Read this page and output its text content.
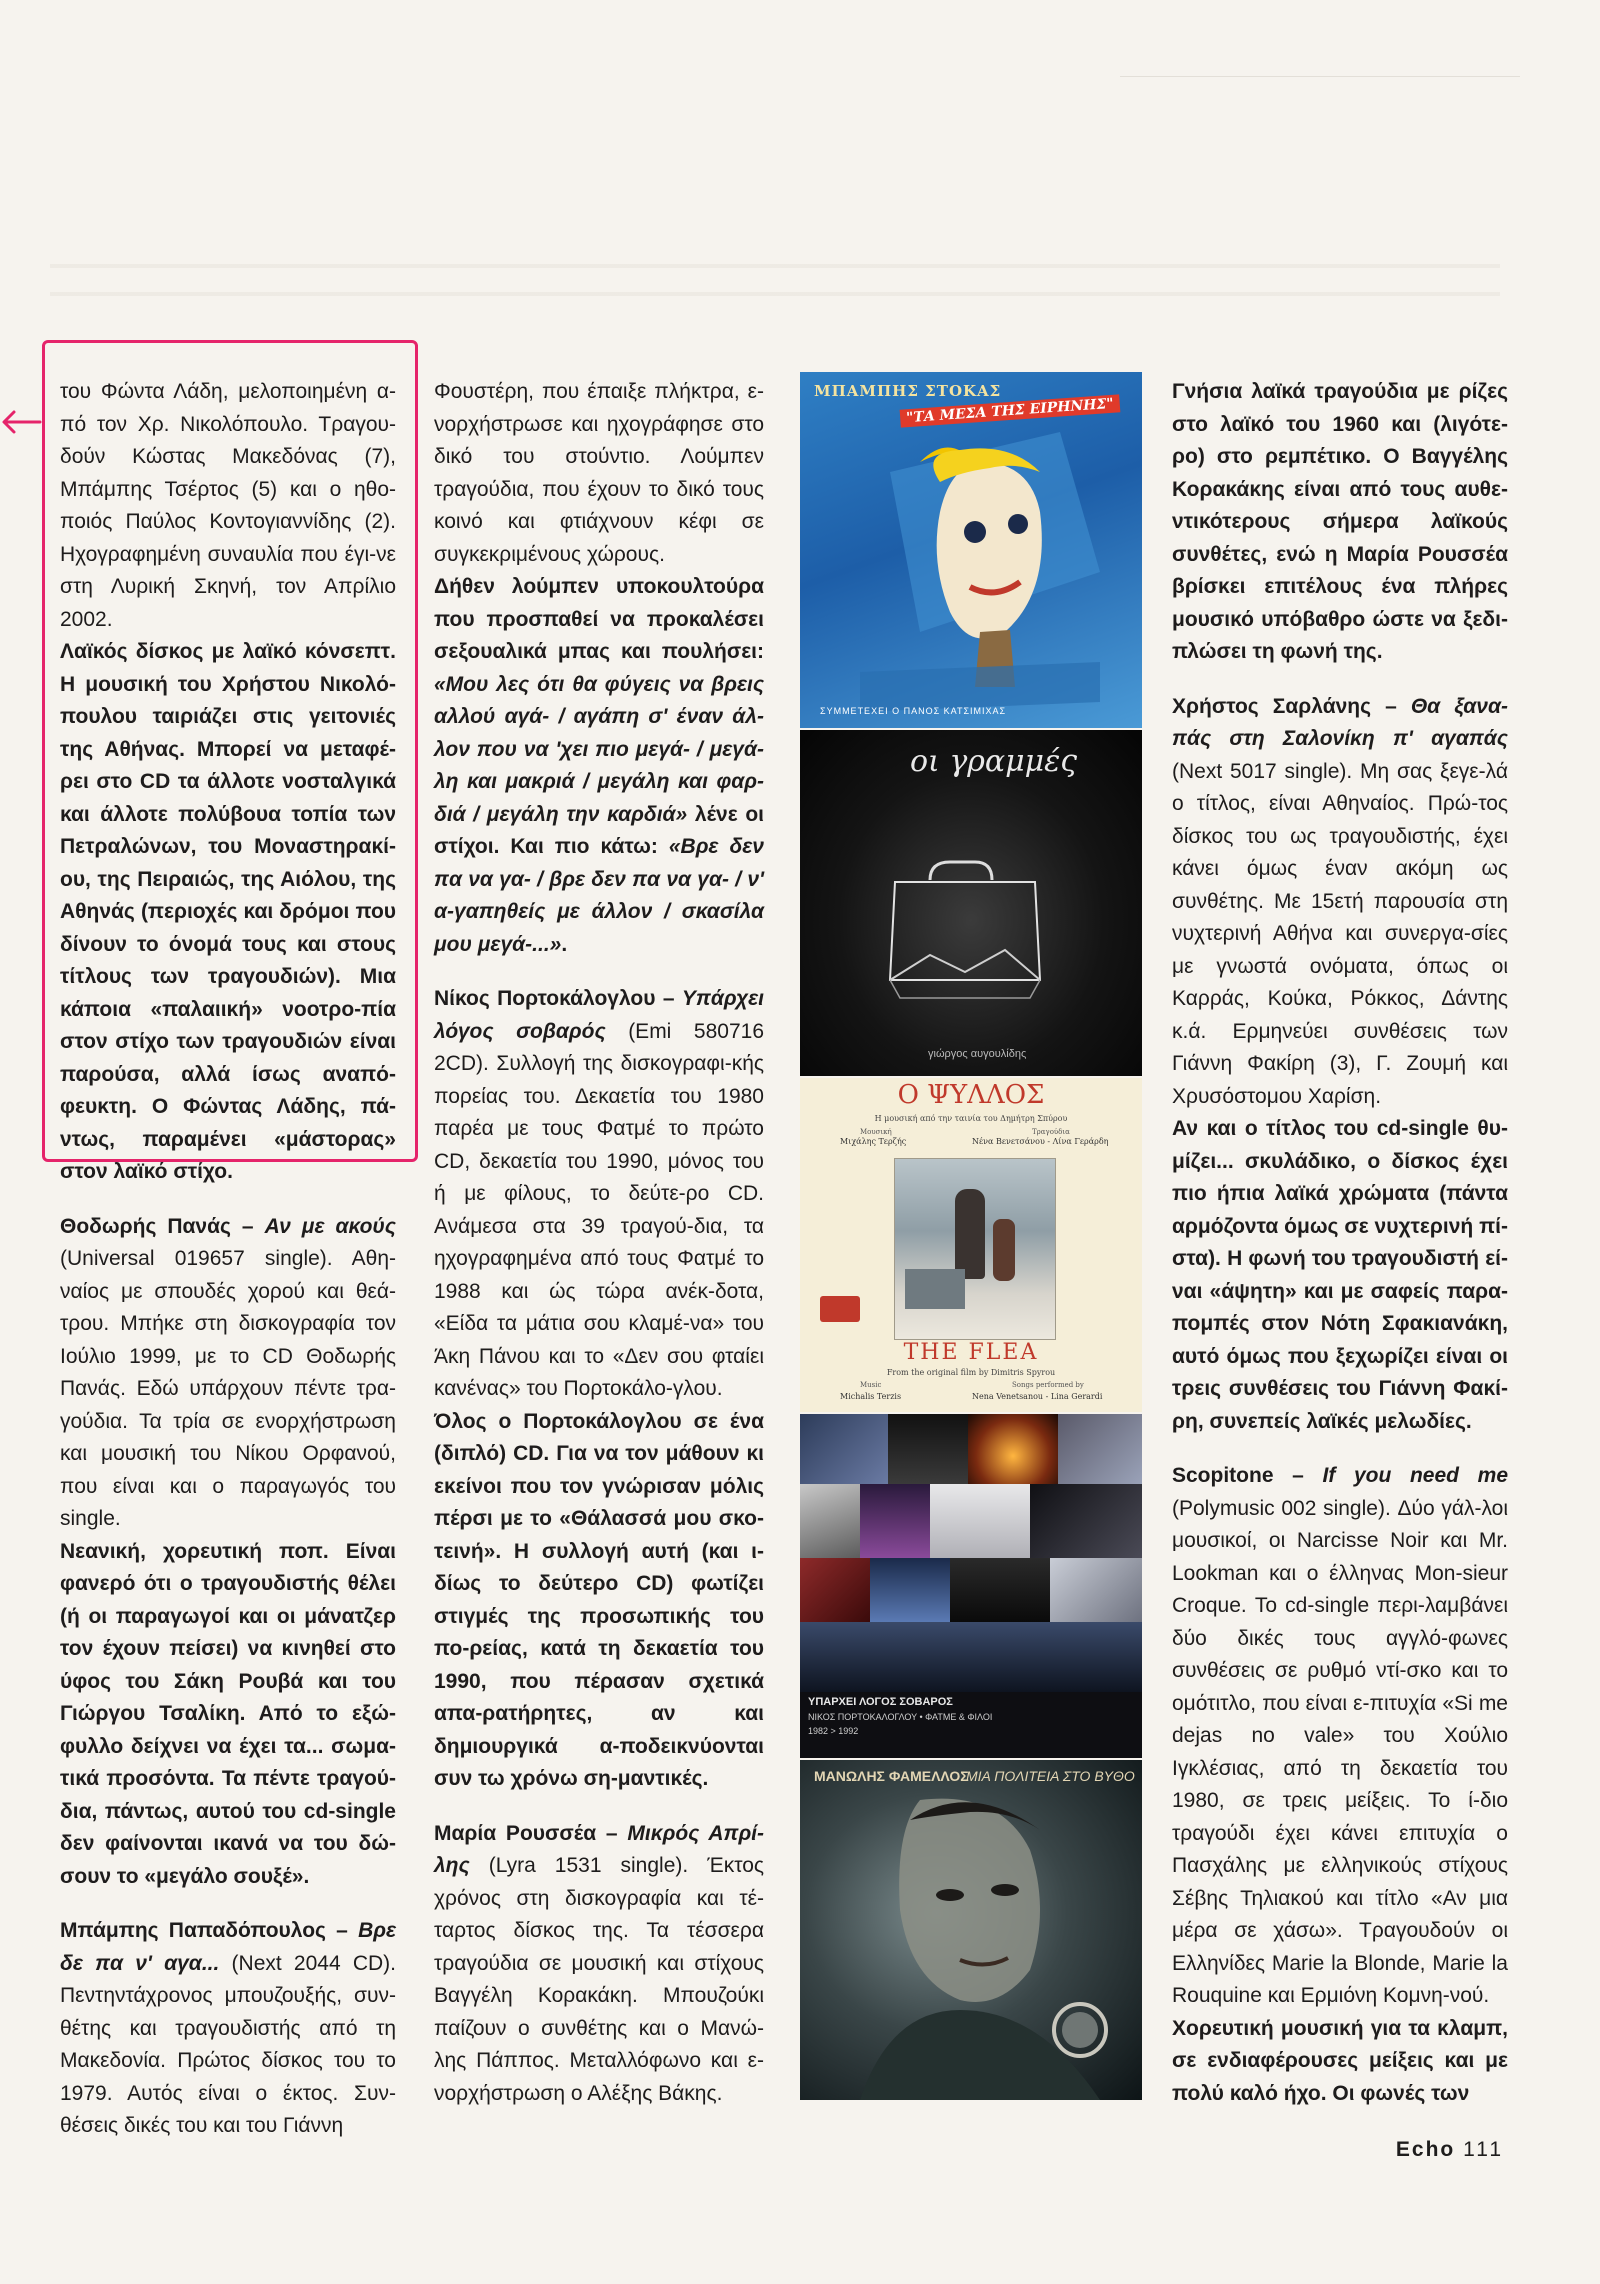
του Φώντα Λάδη, μελοποιημένη α-πό τον Χρ. Νικολόπουλο. Τραγου-δούν Κώστας Μακεδόνας (7), Μπάμπης Τσέρτος (5) και ο ηθο-ποιός Παύλος Κοντογιαννίδης (2). Ηχογραφημένη συναυλία που έγι-νε στη Λυρική Σκηνή, τον Απρίλιο 2002.

Λαϊκός δίσκος με λαϊκό κόνσεπτ. Η μουσική του Χρήστου Νικολό-πουλου ταιριάζει στις γειτονιές της Αθήνας. Μπορεί να μεταφέ-ρει στο CD τα άλλοτε νοσταλγικά και άλλοτε πολύβουα τοπία των Πετραλώνων, του Μοναστηρακί-ου, της Πειραιώς, της Αιόλου, της Αθηνάς (περιοχές και δρόμοι που δίνουν το όνομά τους και στους τίτλους των τραγουδιών). Μια κάποια «παλαιική» νοοτρο-πία στον στίχο των τραγουδιών είναι παρούσα, αλλά ίσως αναπό-φευκτη. Ο Φώντας Λάδης, πά-ντως, παραμένει «μάστορας» στον λαϊκό στίχο.

Θοδωρής Πανάς – Αν με ακούς (Universal 019657 single). Αθη-ναίος με σπουδές χορού και θεά-τρου. Μπήκε στη δισκογραφία τον Ιούλιο 1999, με το CD Θοδωρής Πανάς. Εδώ υπάρχουν πέντε τρα-γούδια. Τα τρία σε ενορχήστρωση και μουσική του Νίκου Ορφανού, που είναι και ο παραγωγός του single.

Νεανική, χορευτική ποπ. Είναι φανερό ότι ο τραγουδιστής θέλει (ή οι παραγωγοί και οι μάνατζερ τον έχουν πείσει) να κινηθεί στο ύφος του Σάκη Ρουβά και του Γιώργου Τσαλίκη. Από το εξώ-φυλλο δείχνει να έχει τα... σωμα-τικά προσόντα. Τα πέντε τραγού-δια, πάντως, αυτού του cd-single δεν φαίνονται ικανά να του δώ-σουν το «μεγάλο σουξέ».

Μπάμπης Παπαδόπουλος – Βρε δε πα ν' αγα... (Next 2044 CD). Πεντηντάχρονος μπουζουξής, συν-θέτης και τραγουδιστής από τη Μακεδονία. Πρώτος δίσκος του το 1979. Αυτός είναι ο έκτος. Συν-θέσεις δικές του και του Γιάννη

Φουστέρη, που έπαιξε πλήκτρα, ε-νορχήστρωσε και ηχογράφησε στο δικό του στούντιο. Λούμπεν τραγούδια, που έχουν το δικό τους κοινό και φτιάχνουν κέφι σε συγκεκριμένους χώρους.

Δήθεν λούμπεν υποκουλτούρα που προσπαθεί να προκαλέσει σεξουαλικά μπας και πουλήσει: «Μου λες ότι θα φύγεις να βρεις αλλού αγά- / αγάπη σ' έναν άλ-λον που να 'χει πιο μεγά- / μεγά-λη και μακριά / μεγάλη και φαρ-διά / μεγάλη την καρδιά» λένε οι στίχοι. Και πιο κάτω: «Βρε δεν πα να γα- / βρε δεν πα να γα- / ν' α-γαπηθείς με άλλον / σκασίλα μου μεγά-...».

Νίκος Πορτοκάλογλου – Υπάρχει λόγος σοβαρός (Emi 580716 2CD). Συλλογή της δισκογραφι-κής πορείας του. Δεκαετία του 1980 παρέα με τους Φατμέ το πρώτο CD, δεκαετία του 1990, μόνος του ή με φίλους, το δεύτε-ρο CD. Ανάμεσα στα 39 τραγού-δια, τα ηχογραφημένα από τους Φατμέ το 1988 και ώς τώρα ανέκ-δοτα, «Είδα τα μάτια σου κλαμέ-να» του Άκη Πάνου και το «Δεν σου φταίει κανένας» του Πορτοκάλο-γλου.

Όλος ο Πορτοκάλογλου σε ένα (διπλό) CD. Για να τον μάθουν κι εκείνοι που τον γνώρισαν μόλις πέρσι με το «Θάλασσά μου σκο-τεινή». Η συλλογή αυτή (και ι-δίως το δεύτερο CD) φωτίζει στιγμές της προσωπικής του πο-ρείας, κατά τη δεκαετία του 1990, που πέρασαν σχετικά απα-ρατήρητες, αν και δημιουργικά α-ποδεικνύονται συν τω χρόνω ση-μαντικές.

Μαρία Ρουσσέα – Μικρός Απρί-λης (Lyra 1531 single). Έκτος χρόνος στη δισκογραφία και τέ-ταρτος δίσκος της. Τα τέσσερα τραγούδια σε μουσική και στίχους Βαγγέλη Κορακάκη. Μπουζούκι παίζουν ο συνθέτης και ο Μανώ-λης Πάππος. Μεταλλόφωνο και ε-νορχήστρωση ο Αλέξης Βάκης.

ΜΠΑΜΠΗΣ ΣΤΟΚΑΣ
"ΤΑ ΜΕΣΑ ΤΗΣ ΕΙΡΗΝΗΣ"
ΣΥΜΜΕΤΕΧΕΙ Ο ΠΑΝΟΣ ΚΑΤΣΙΜΙΧΑΣ
οι γραμμές
γιώργος αυγουλίδης
Ο ΨΥΛΛΟΣ
Η μουσική από την ταινία του Δημήτρη Σπύρου
Μουσική
Μιχάλης Τερζής
Τραγούδια
Νένα Βενετσάνου - Λίνα Γεράρδη
THE FLEA
From the original film by Dimitris Spyrou
Music
Michalis Terzis
Songs performed by
Nena Venetsanou - Lina Gerardi
ΥΠΑΡΧΕΙ ΛΟΓΟΣ ΣΟΒΑΡΟΣ
ΝΙΚΟΣ ΠΟΡΤΟΚΑΛΟΓΛΟΥ • ΦΑΤΜΕ & ΦΙΛΟΙ
1982 > 1992
ΜΑΝΩΛΗΣ ΦΑΜΕΛΛΟΣ
ΜΙΑ ΠΟΛΙΤΕΙΑ ΣΤΟ ΒΥΘΟ

Γνήσια λαϊκά τραγούδια με ρίζες στο λαϊκό του 1960 και (λιγότε-ρο) στο ρεμπέτικο. Ο Βαγγέλης Κορακάκης είναι από τους αυθε-ντικότερους σήμερα λαϊκούς συνθέτες, ενώ η Μαρία Ρουσσέα βρίσκει επιτέλους ένα πλήρες μουσικό υπόβαθρο ώστε να ξεδι-πλώσει τη φωνή της.

Χρήστος Σαρλάνης – Θα ξανα-πάς στη Σαλονίκη π' αγαπάς (Next 5017 single). Μη σας ξεγε-λά ο τίτλος, είναι Αθηναίος. Πρώ-τος δίσκος του ως τραγουδιστής, έχει κάνει όμως έναν ακόμη ως συνθέτης. Με 15ετή παρουσία στη νυχτερινή Αθήνα και συνεργα-σίες με γνωστά ονόματα, όπως οι Καρράς, Κούκα, Ρόκκος, Δάντης κ.ά. Ερμηνεύει συνθέσεις των Γιάννη Φακίρη (3), Γ. Ζουμή και Χρυσόστομου Χαρίση.

Αν και ο τίτλος του cd-single θυ-μίζει... σκυλάδικο, ο δίσκος έχει πιο ήπια λαϊκά χρώματα (πάντα αρμόζοντα όμως σε νυχτερινή πί-στα). Η φωνή του τραγουδιστή εί-ναι «άψητη» και με σαφείς παρα-πομπές στον Νότη Σφακιανάκη, αυτό όμως που ξεχωρίζει είναι οι τρεις συνθέσεις του Γιάννη Φακί-ρη, συνεπείς λαϊκές μελωδίες.

Scopitone – If you need me (Polymusic 002 single). Δύο γάλ-λοι μουσικοί, οι Narcisse Noir και Mr. Lookman και ο έλληνας Mon-sieur Croque. Το cd-single περι-λαμβάνει δύο δικές τους αγγλό-φωνες συνθέσεις σε ρυθμό ντί-σκο και το ομότιτλο, που είναι ε-πιτυχία «Si me dejas no vale» του Χούλιο Ιγκλέσιας, από τη δεκαετία του 1980, σε τρεις μείξεις. Το ί-διο τραγούδι έχει κάνει επιτυχία ο Πασχάλης με ελληνικούς στίχους Σέβης Τηλιακού και τίτλο «Αν μια μέρα σε χάσω». Τραγουδούν οι Ελληνίδες Marie la Blonde, Marie la Rouquine και Ερμιόνη Κομνη-νού.

Χορευτική μουσική για τα κλαμπ, σε ενδιαφέρουσες μείξεις και με πολύ καλό ήχο. Οι φωνές των

Echo 111
